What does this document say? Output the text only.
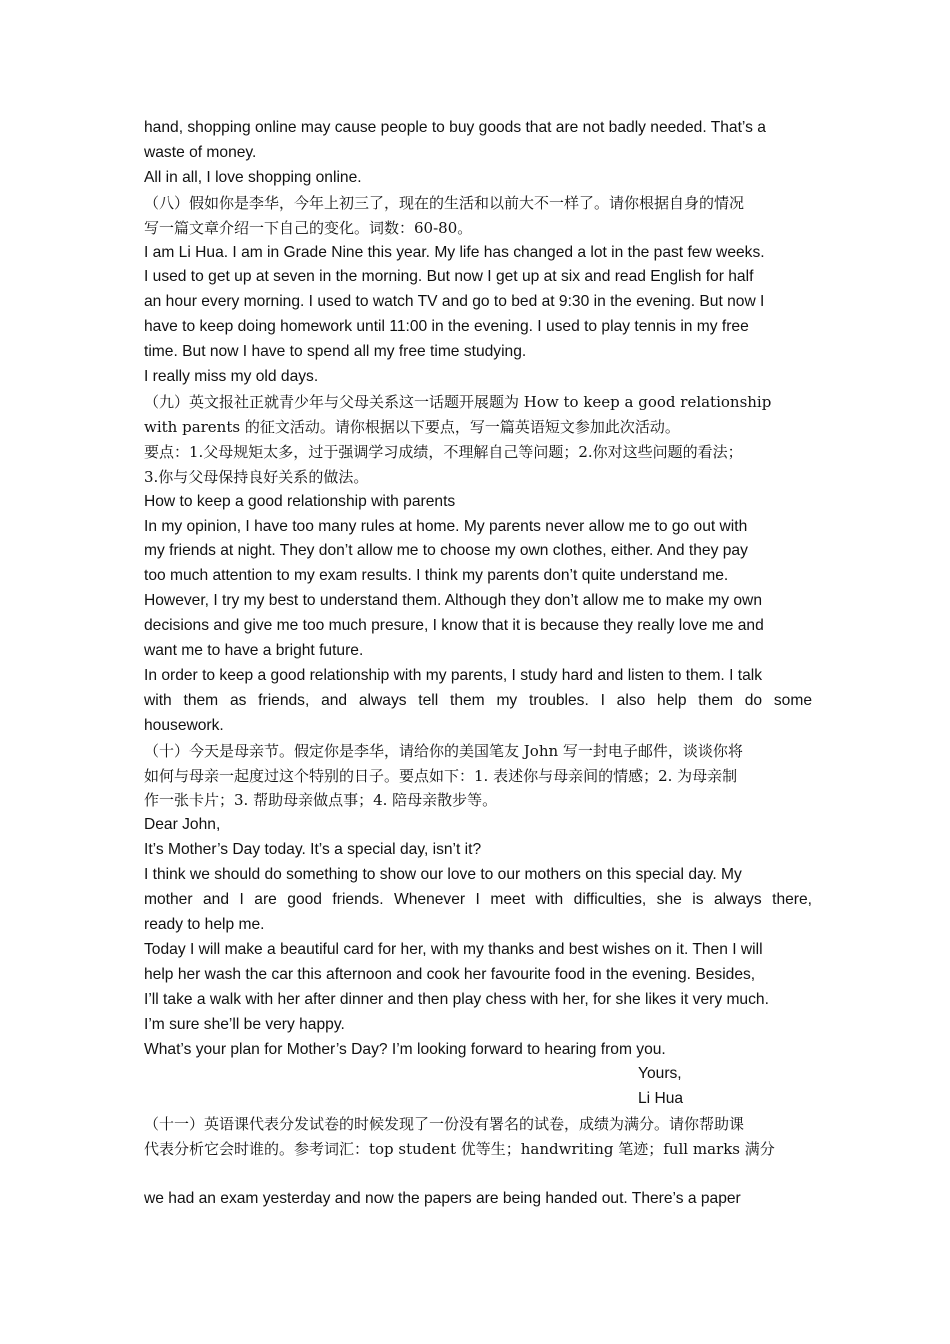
hand, shopping online may cause people to buy goods that are not badly needed. That’s a

waste of money.

All in all, I love shopping online.

（八）假如你是李华，今年上初三了，现在的生活和以前大不一样了。请你根据自身的情况

写一篇文章介绍一下自己的变化。词数：60-80。

I am Li Hua. I am in Grade Nine this year. My life has changed a lot in the past few weeks.

I used to get up at seven in the morning. But now I get up at six and read English for half

an hour every morning. I used to watch TV and go to bed at 9:30 in the evening. But now I

have to keep doing homework until 11:00 in the evening. I used to play tennis in my free

time. But now I have to spend all my free time studying.

I really miss my old days.

（九）英文报社正就青少年与父母关系这一话题开展题为 How to keep a good relationship

with parents 的征文活动。请你根据以下要点，写一篇英语短文参加此次活动。

要点：1.父母规矩太多，过于强调学习成绩，不理解自己等问题；2.你对这些问题的看法；

3.你与父母保持良好关系的做法。

How to keep a good relationship with parents

In my opinion, I have too many rules at home. My parents never allow me to go out with

my friends at night. They don’t allow me to choose my own clothes, either. And they pay

too much attention to my exam results. I think my parents don’t quite understand me.

However, I try my best to understand them. Although they don’t allow me to make my own

decisions and give me too much presure, I know that it is because they really love me and

want me to have a bright future.

In order to keep a good relationship with my parents, I study hard and listen to them. I talk

with them as friends, and always tell them my troubles. I also help them do some

housework.

（十）今天是母亲节。假定你是李华，请给你的美国笔友 John 写一封电子邮件，谈谈你将

如何与母亲一起度过这个特别的日子。要点如下：1. 表述你与母亲间的情感；2. 为母亲制

作一张卡片；3. 帮助母亲做点事；4. 陪母亲散步等。

Dear John,

It’s Mother’s Day today. It’s a special day, isn’t it?

I think we should do something to show our love to our mothers on this special day. My

mother and I are good friends. Whenever I meet with difficulties, she is always there,

ready to help me.

Today I will make a beautiful card for her, with my thanks and best wishes on it. Then I will

help her wash the car this afternoon and cook her favourite food in the evening. Besides,

I’ll take a walk with her after dinner and then play chess with her, for she likes it very much.

I’m sure she’ll be very happy.

What’s your plan for Mother’s Day? I’m looking forward to hearing from you.

Yours,

Li Hua

（十一）英语课代表分发试卷的时候发现了一份没有署名的试卷，成绩为满分。请你帮助课

代表分析它会时谁的。参考词汇：top student 优等生；handwriting 笔迹；full marks 满分

we had an exam yesterday and now the papers are being handed out. There’s a paper
